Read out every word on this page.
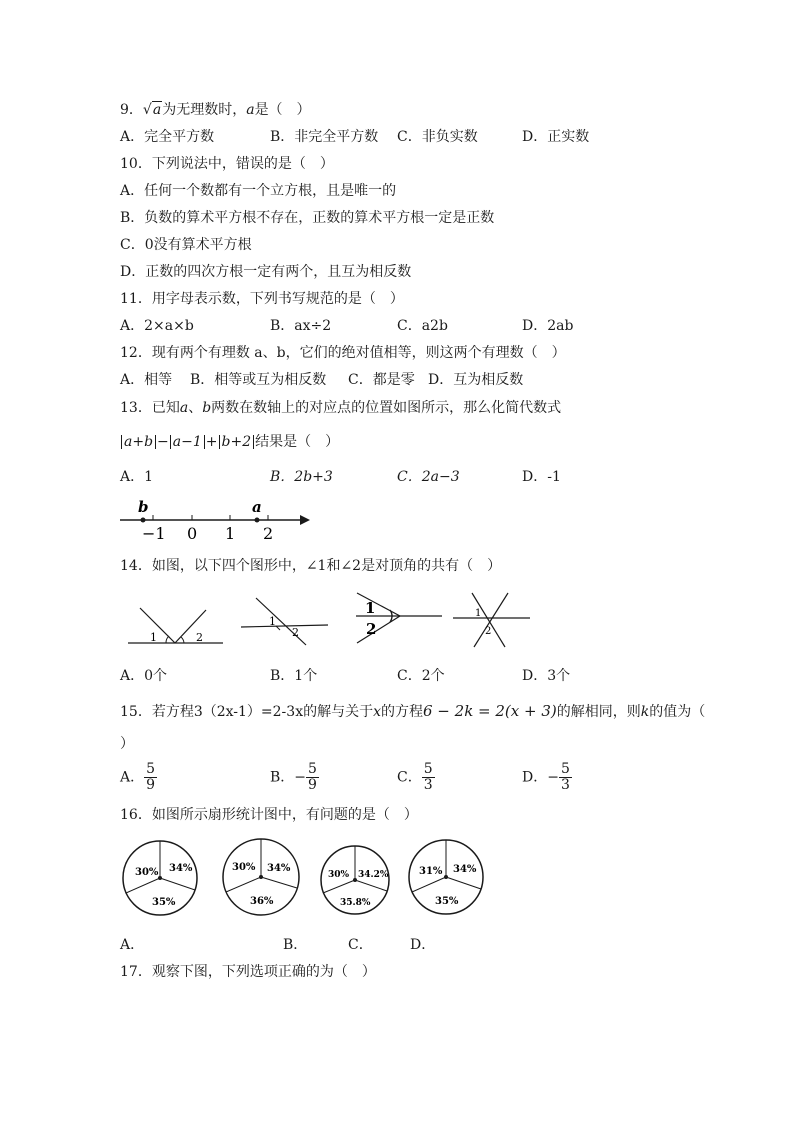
9．√a为无理数时，a是（　）
A．完全平方数	B．非完全平方数 C．非负实数	D．正实数
10．下列说法中，错误的是（　）
A．任何一个数都有一个立方根，且是唯一的
B．负数的算术平方根不存在，正数的算术平方根一定是正数
C．0没有算术平方根
D．正数的四次方根一定有两个，且互为相反数
11．用字母表示数，下列书写规范的是（　）
A．2×a×b	B．ax÷2	C．a2b	D．2ab
12．现有两个有理数 a、b，它们的绝对值相等，则这两个有理数（　）
A．相等 B．相等或互为相反数 C．都是零 D．互为相反数
13．已知a、b两数在数轴上的对应点的位置如图所示，那么化简代数式
a+b − a−1 + b+2 结果是（　）
A．1	B．2b+3	C．2a−3	D．-1
b	a
−1 0 1 2
14．如图，以下四个图形中，∠1和∠2是对顶角的共有（　）
1	2
1
2
1
2
1
2
A．0个	B．1个	C．2个	D．3个
15．若方程3（2x-1）=2-3x的解与关于x的方程6 − 2k = 2(x + 3)的解相同，则k的值为（
）
A． $\frac{5}{9}$	B．− $\frac{5}{9}$	C． $\frac{5}{3}$	D．− $\frac{5}{3}$
16．如图所示扇形统计图中，有问题的是（　）
30% 34%
35%
30% 34%
36%
30% 34.2%
35.8%
31% 34%
35%
A．	B．	C．	D．
17．观察下图，下列选项正确的为（　）
